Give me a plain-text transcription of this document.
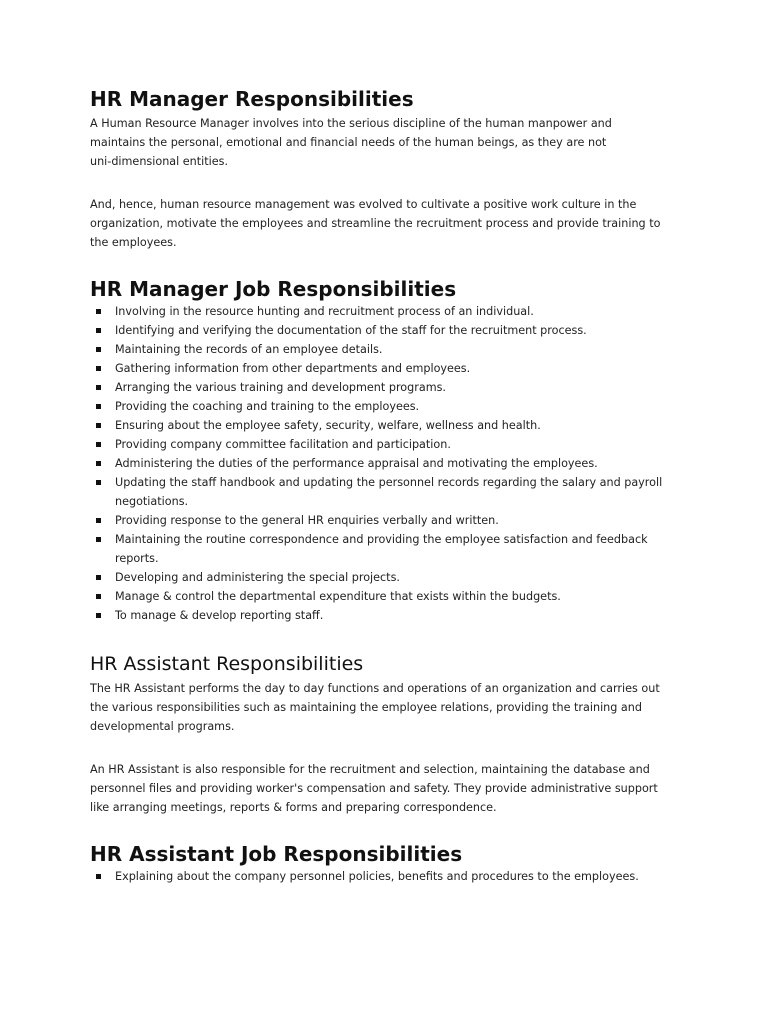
HR Manager Responsibilities

A Human Resource Manager involves into the serious discipline of the human manpower and maintains the personal, emotional and financial needs of the human beings, as they are not uni-dimensional entities.

And, hence, human resource management was evolved to cultivate a positive work culture in the organization, motivate the employees and streamline the recruitment process and provide training to the employees.

HR Manager Job Responsibilities
Involving in the resource hunting and recruitment process of an individual.
Identifying and verifying the documentation of the staff for the recruitment process.
Maintaining the records of an employee details.
Gathering information from other departments and employees.
Arranging the various training and development programs.
Providing the coaching and training to the employees.
Ensuring about the employee safety, security, welfare, wellness and health.
Providing company committee facilitation and participation.
Administering the duties of the performance appraisal and motivating the employees.
Updating the staff handbook and updating the personnel records regarding the salary and payroll negotiations.
Providing response to the general HR enquiries verbally and written.
Maintaining the routine correspondence and providing the employee satisfaction and feedback reports.
Developing and administering the special projects.
Manage & control the departmental expenditure that exists within the budgets.
To manage & develop reporting staff.
HR Assistant Responsibilities

The HR Assistant performs the day to day functions and operations of an organization and carries out the various responsibilities such as maintaining the employee relations, providing the training and developmental programs.

An HR Assistant is also responsible for the recruitment and selection, maintaining the database and personnel files and providing worker's compensation and safety. They provide administrative support like arranging meetings, reports & forms and preparing correspondence.

HR Assistant Job Responsibilities
Explaining about the company personnel policies, benefits and procedures to the employees.
